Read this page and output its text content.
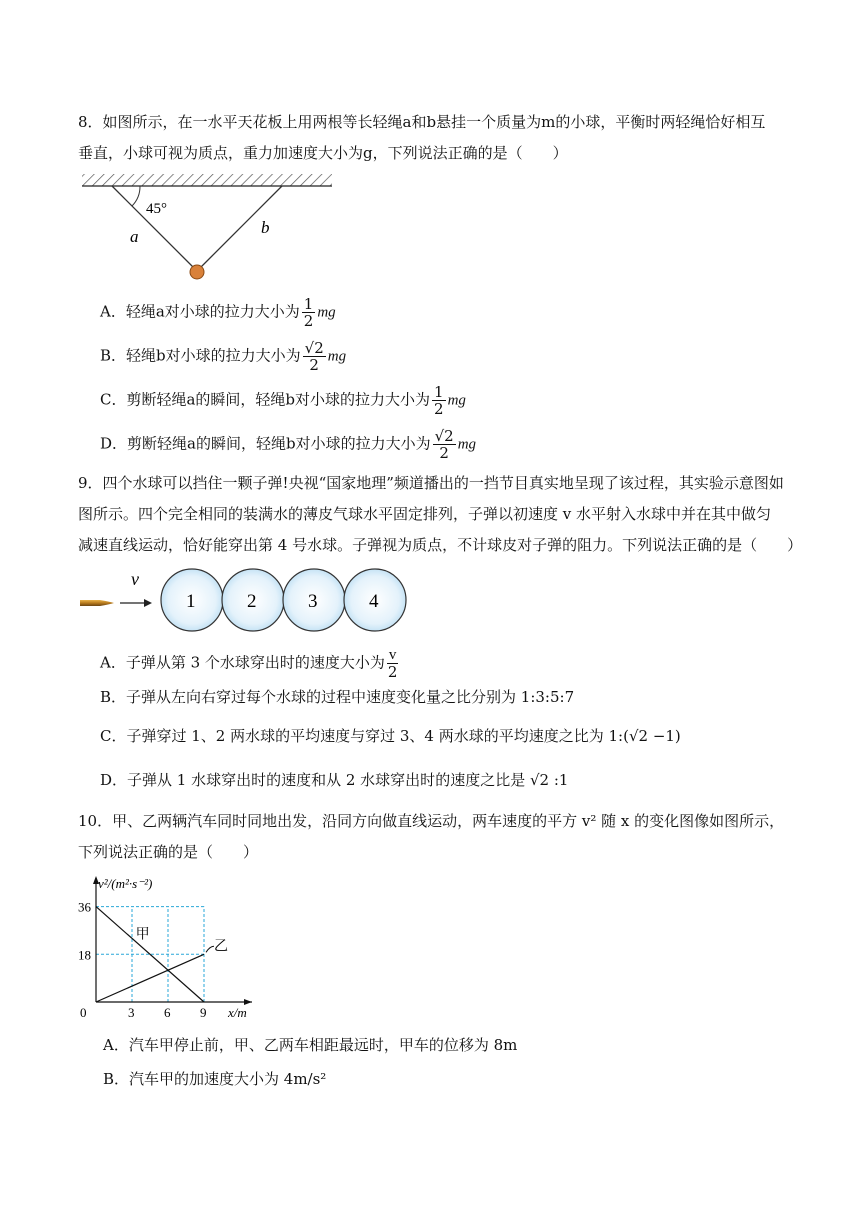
8．如图所示，在一水平天花板上用两根等长轻绳a和b悬挂一个质量为m的小球，平衡时两轻绳恰好相互
垂直，小球可视为质点，重力加速度大小为g，下列说法正确的是（　　）
45°
a	b
A．轻绳a对小球的拉力大小为 $\frac{1}{2}$ mg
B．轻绳b对小球的拉力大小为 $\frac{√2}{2}$ mg
C．剪断轻绳a的瞬间，轻绳b对小球的拉力大小为 $\frac{1}{2}$ mg
D．剪断轻绳a的瞬间，轻绳b对小球的拉力大小为 $\frac{√2}{2}$ mg
9．四个水球可以挡住一颗子弹!央视“国家地理”频道播出的一挡节目真实地呈现了该过程，其实验示意图如
图所示。四个完全相同的装满水的薄皮气球水平固定排列，子弹以初速度 v 水平射入水球中并在其中做匀
减速直线运动，恰好能穿出第 4 号水球。子弹视为质点，不计球皮对子弹的阻力。下列说法正确的是（　　）
v
1	2	3	4
A．子弹从第 3 个水球穿出时的速度大小为 $\frac{v}{2}$
B．子弹从左向右穿过每个水球的过程中速度变化量之比分别为 1:3:5:7
C．子弹穿过 1、2 两水球的平均速度与穿过 3、4 两水球的平均速度之比为 1:(√2 −1)
D．子弹从 1 水球穿出时的速度和从 2 水球穿出时的速度之比是 √2 :1
10．甲、乙两辆汽车同时同地出发，沿同方向做直线运动，两车速度的平方 v² 随 x 的变化图像如图所示，
下列说法正确的是（　　）
0	3 6 9
18
36
v²/(m²·s⁻²)
x/m
甲
乙
A．汽车甲停止前，甲、乙两车相距最远时，甲车的位移为 8m
B．汽车甲的加速度大小为 4m/s²
